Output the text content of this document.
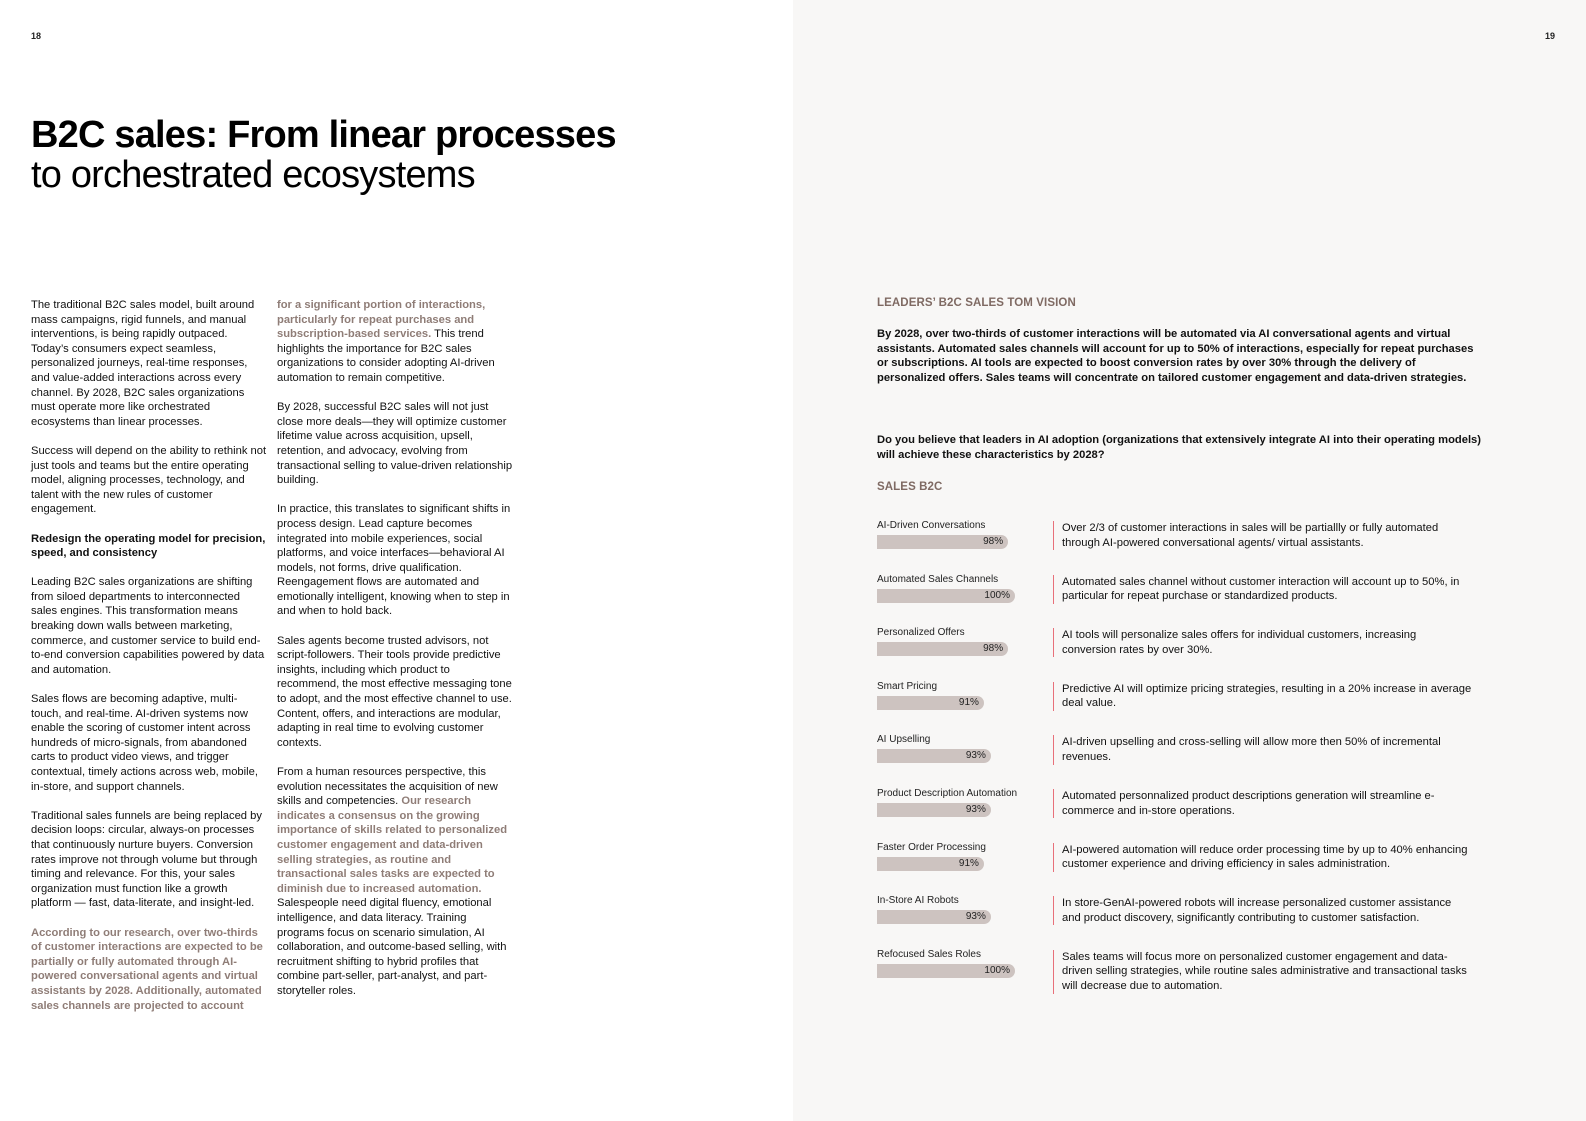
18
B2C sales: From linear processes
to orchestrated ecosystems

The traditional B2C sales model, built around mass campaigns, rigid funnels, and manual interventions, is being rapidly outpaced. Today’s consumers expect seamless, personalized journeys, real-time responses, and value-added interactions across every channel. By 2028, B2C sales organizations must operate more like orchestrated ecosystems than linear processes.

Success will depend on the ability to rethink not just tools and teams but the entire operating model, aligning processes, technology, and talent with the new rules of customer engagement.

Redesign the operating model for precision, speed, and consistency

Leading B2C sales organizations are shifting from siloed departments to interconnected sales engines. This transformation means breaking down walls between marketing, commerce, and customer service to build end-to-end conversion capabilities powered by data and automation.

Sales flows are becoming adaptive, multi-touch, and real-time. AI-driven systems now enable the scoring of customer intent across hundreds of micro-signals, from abandoned carts to product video views, and trigger contextual, timely actions across web, mobile, in-store, and support channels.

Traditional sales funnels are being replaced by decision loops: circular, always-on processes that continuously nurture buyers. Conversion rates improve not through volume but through timing and relevance. For this, your sales organization must function like a growth platform — fast, data-literate, and insight-led.

According to our research, over two-thirds of customer interactions are expected to be partially or fully automated through AI-powered conversational agents and virtual assistants by 2028. Additionally, automated sales channels are projected to account

for a significant portion of interactions, particularly for repeat purchases and subscription-based services. This trend highlights the importance for B2C sales organizations to consider adopting AI-driven automation to remain competitive.

By 2028, successful B2C sales will not just close more deals—they will optimize customer lifetime value across acquisition, upsell, retention, and advocacy, evolving from transactional selling to value-driven relationship building.

In practice, this translates to significant shifts in process design. Lead capture becomes integrated into mobile experiences, social platforms, and voice interfaces—behavioral AI models, not forms, drive qualification. Reengagement flows are automated and emotionally intelligent, knowing when to step in and when to hold back.

Sales agents become trusted advisors, not script-followers. Their tools provide predictive insights, including which product to recommend, the most effective messaging tone to adopt, and the most effective channel to use. Content, offers, and interactions are modular, adapting in real time to evolving customer contexts.

From a human resources perspective, this evolution necessitates the acquisition of new skills and competencies. Our research indicates a consensus on the growing importance of skills related to personalized customer engagement and data-driven selling strategies, as routine and transactional sales tasks are expected to diminish due to increased automation. Salespeople need digital fluency, emotional intelligence, and data literacy. Training programs focus on scenario simulation, AI collaboration, and outcome-based selling, with recruitment shifting to hybrid profiles that combine part-seller, part-analyst, and part-storyteller roles.

19
LEADERS’ B2C SALES TOM VISION
By 2028, over two-thirds of customer interactions will be automated via AI conversational agents and virtual assistants. Automated sales channels will account for up to 50% of interactions, especially for repeat purchases or subscriptions. AI tools are expected to boost conversion rates by over 30% through the delivery of personalized offers. Sales teams will concentrate on tailored customer engagement and data-driven strategies.
Do you believe that leaders in AI adoption (organizations that extensively integrate AI into their operating models) will achieve these characteristics by 2028?
SALES B2C
AI-Driven Conversations
98%
Over 2/3 of customer interactions in sales will be partiallly or fully automated through AI-powered conversational agents/ virtual assistants.
Automated Sales Channels
100%
Automated sales channel without customer interaction will account up to 50%, in particular for repeat purchase or standardized products.
Personalized Offers
98%
AI tools will personalize sales offers for individual customers, increasing conversion rates by over 30%.
Smart Pricing
91%
Predictive AI will optimize pricing strategies, resulting in a 20% increase in average deal value.
AI Upselling
93%
AI-driven upselling and cross-selling will allow more then 50% of incremental revenues.
Product Description Automation
93%
Automated personnalized product descriptions generation will streamline e-commerce and in-store operations.
Faster Order Processing
91%
AI-powered automation will reduce order processing time by up to 40% enhancing customer experience and driving efficiency in sales administration.
In-Store AI Robots
93%
In store-GenAI-powered robots will increase personalized customer assistance and product discovery, significantly contributing to customer satisfaction.
Refocused Sales Roles
100%
Sales teams will focus more on personalized customer engagement and data-driven selling strategies, while routine sales administrative and transactional tasks will decrease due to automation.
